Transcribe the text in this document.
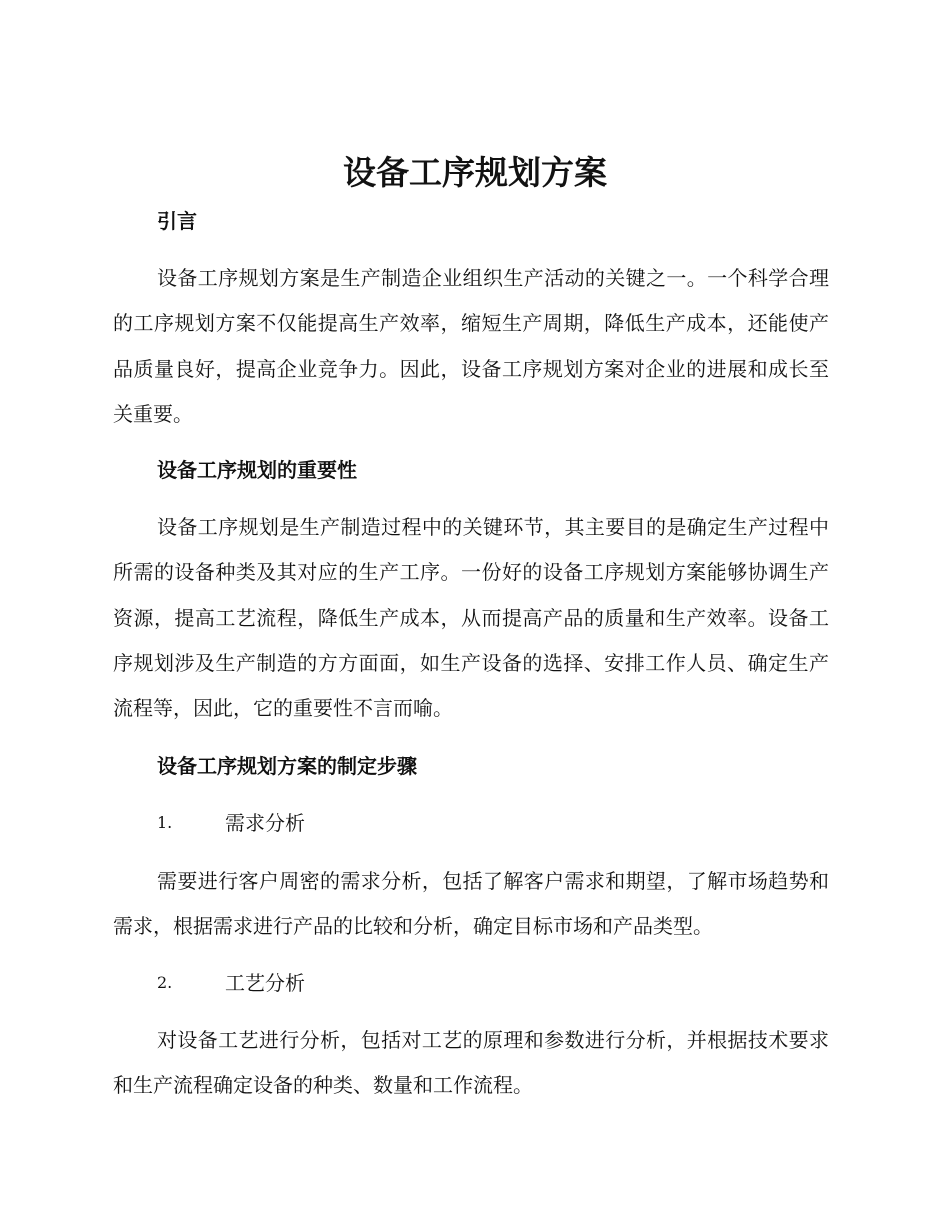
设备工序规划方案
引言

设备工序规划方案是生产制造企业组织生产活动的关键之一。一个科学合理的工序规划方案不仅能提高生产效率，缩短生产周期，降低生产成本，还能使产品质量良好，提高企业竞争力。因此，设备工序规划方案对企业的进展和成长至关重要。

设备工序规划的重要性

设备工序规划是生产制造过程中的关键环节，其主要目的是确定生产过程中所需的设备种类及其对应的生产工序。一份好的设备工序规划方案能够协调生产资源，提高工艺流程，降低生产成本，从而提高产品的质量和生产效率。设备工序规划涉及生产制造的方方面面，如生产设备的选择、安排工作人员、确定生产流程等，因此，它的重要性不言而喻。

设备工序规划方案的制定步骤
1.	需求分析

需要进行客户周密的需求分析，包括了解客户需求和期望，了解市场趋势和需求，根据需求进行产品的比较和分析，确定目标市场和产品类型。

2.	工艺分析

对设备工艺进行分析，包括对工艺的原理和参数进行分析，并根据技术要求和生产流程确定设备的种类、数量和工作流程。
